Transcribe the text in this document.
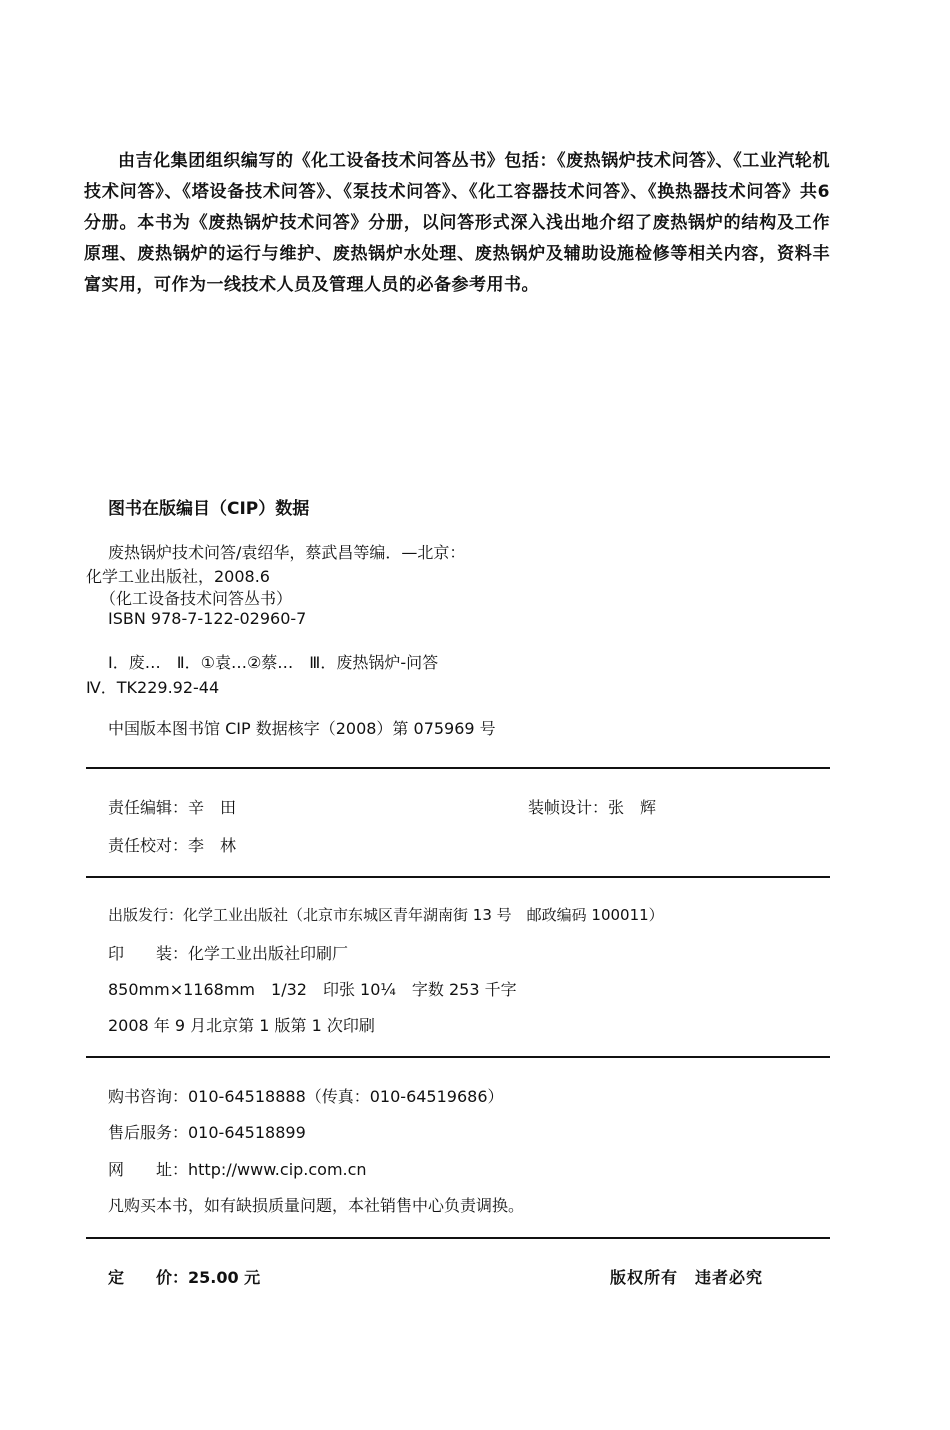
由吉化集团组织编写的《化工设备技术问答丛书》包括：《废热锅炉技术问答》、《工业汽轮机技术问答》、《塔设备技术问答》、《泵技术问答》、《化工容器技术问答》、《换热器技术问答》共6分册。本书为《废热锅炉技术问答》分册，以问答形式深入浅出地介绍了废热锅炉的结构及工作原理、废热锅炉的运行与维护、废热锅炉水处理、废热锅炉及辅助设施检修等相关内容，资料丰富实用，可作为一线技术人员及管理人员的必备参考用书。

图书在版编目（CIP）数据
废热锅炉技术问答/袁绍华，蔡武昌等编．—北京：
化学工业出版社，2008.6
（化工设备技术问答丛书）
ISBN 978-7-122-02960-7
Ⅰ．废…　Ⅱ．①袁…②蔡…　Ⅲ．废热锅炉-问答
Ⅳ．TK229.92-44
中国版本图书馆 CIP 数据核字（2008）第 075969 号
责任编辑：辛　田	装帧设计：张　辉
责任校对：李　林
出版发行：化学工业出版社（北京市东城区青年湖南街 13 号　邮政编码 100011）
印　　装：化学工业出版社印刷厂
850mm×1168mm　1/32　印张 10¼　字数 253 千字
2008 年 9 月北京第 1 版第 1 次印刷
购书咨询：010-64518888（传真：010-64519686）
售后服务：010-64518899
网　　址：http://www.cip.com.cn
凡购买本书，如有缺损质量问题，本社销售中心负责调换。
定　　价：25.00 元	版权所有　违者必究
